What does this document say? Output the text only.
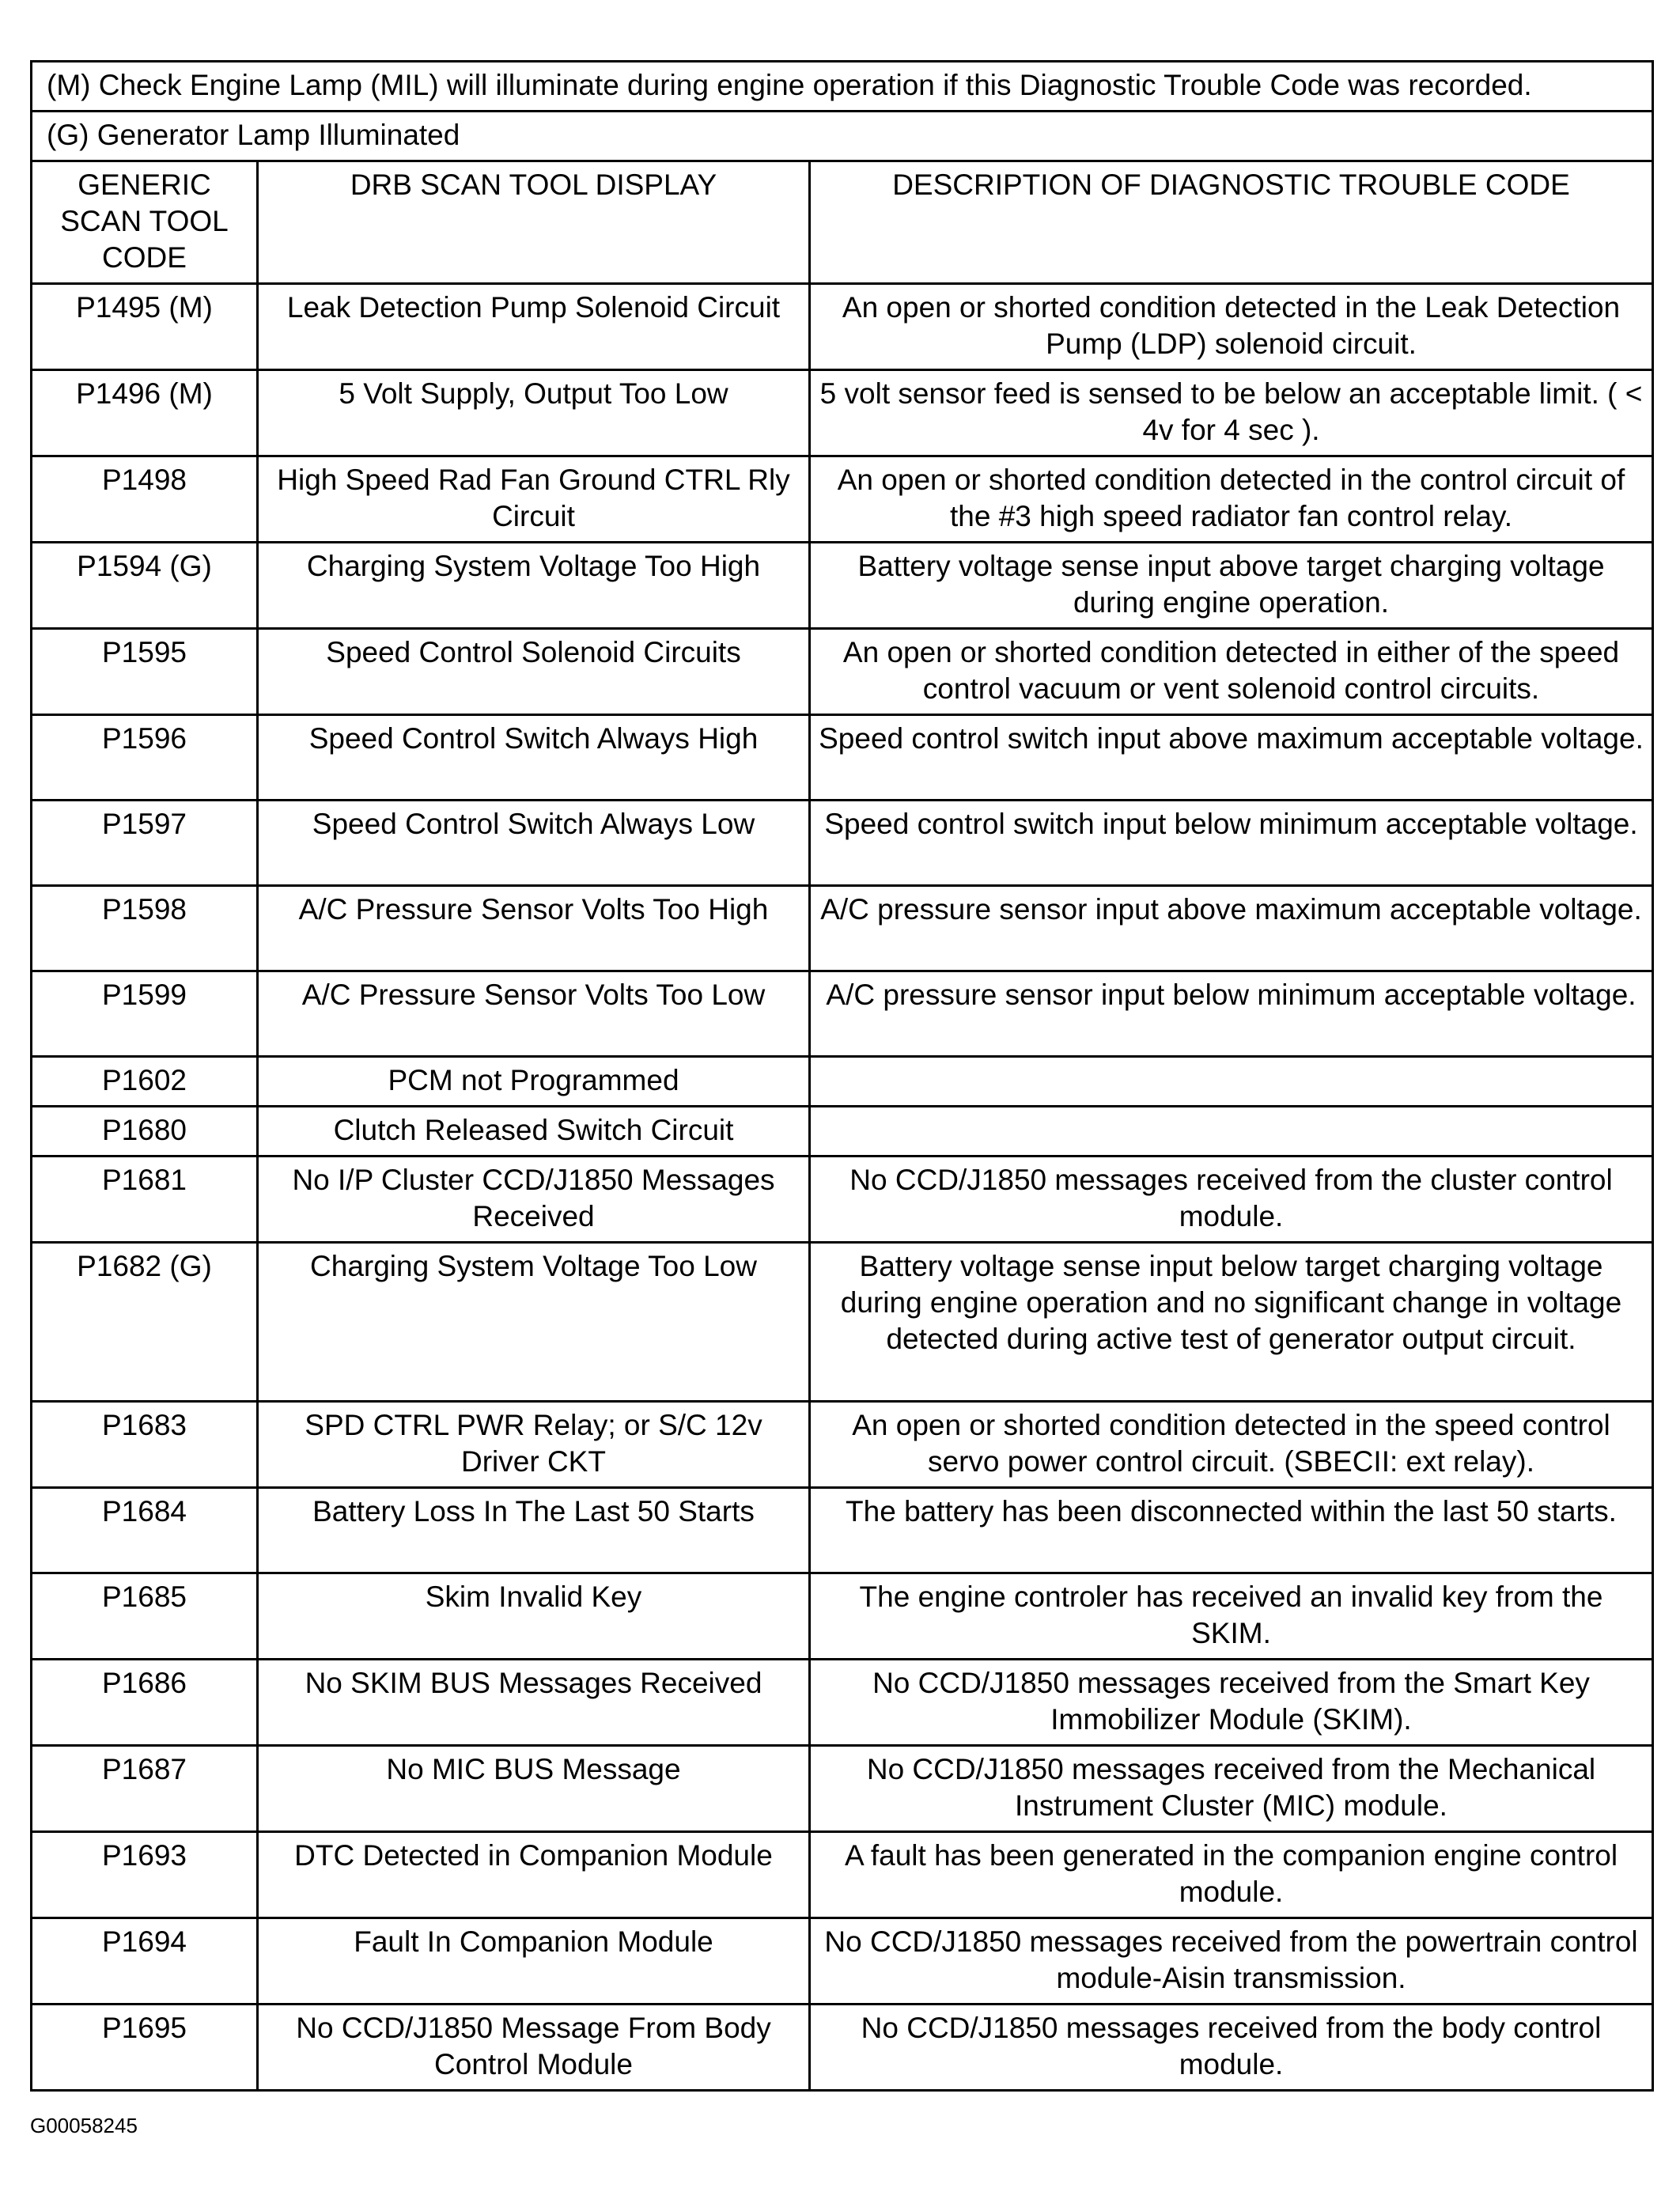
(M) Check Engine Lamp (MIL) will illuminate during engine operation if this Diagnostic Trouble Code was recorded.		
(G) Generator Lamp Illuminated		
GENERIC SCAN TOOL CODE	DRB SCAN TOOL DISPLAY	DESCRIPTION OF DIAGNOSTIC TROUBLE CODE
P1495 (M)	Leak Detection Pump Solenoid Circuit	An open or shorted condition detected in the Leak Detection Pump (LDP) solenoid circuit.
P1496 (M)	5 Volt Supply, Output Too Low	5 volt sensor feed is sensed to be below an acceptable limit. ( < 4v for 4 sec ).
P1498	High Speed Rad Fan Ground CTRL Rly Circuit	An open or shorted condition detected in the control circuit of the #3 high speed radiator fan control relay.
P1594 (G)	Charging System Voltage Too High	Battery voltage sense input above target charging voltage during engine operation.
P1595	Speed Control Solenoid Circuits	An open or shorted condition detected in either of the speed control vacuum or vent solenoid control circuits.
P1596	Speed Control Switch Always High	Speed control switch input above maximum acceptable voltage.
P1597	Speed Control Switch Always Low	Speed control switch input below minimum acceptable voltage.
P1598	A/C Pressure Sensor Volts Too High	A/C pressure sensor input above maximum acceptable voltage.
P1599	A/C Pressure Sensor Volts Too Low	A/C pressure sensor input below minimum acceptable voltage.
P1602	PCM not Programmed	
P1680	Clutch Released Switch Circuit	
P1681	No I/P Cluster CCD/J1850 Messages Received	No CCD/J1850 messages received from the cluster control module.
P1682 (G)	Charging System Voltage Too Low	Battery voltage sense input below target charging voltage during engine operation and no significant change in voltage detected during active test of generator output circuit.
P1683	SPD CTRL PWR Relay; or S/C 12v Driver CKT	An open or shorted condition detected in the speed control servo power control circuit. (SBECII: ext relay).
P1684	Battery Loss In The Last 50 Starts	The battery has been disconnected within the last 50 starts.
P1685	Skim Invalid Key	The engine controler has received an invalid key from the SKIM.
P1686	No SKIM BUS Messages Received	No CCD/J1850 messages received from the Smart Key Immobilizer Module (SKIM).
P1687	No MIC BUS Message	No CCD/J1850 messages received from the Mechanical Instrument Cluster (MIC) module.
P1693	DTC Detected in Companion Module	A fault has been generated in the companion engine control module.
P1694	Fault In Companion Module	No CCD/J1850 messages received from the powertrain control module-Aisin transmission.
P1695	No CCD/J1850 Message From Body Control Module	No CCD/J1850 messages received from the body control module.
G00058245
